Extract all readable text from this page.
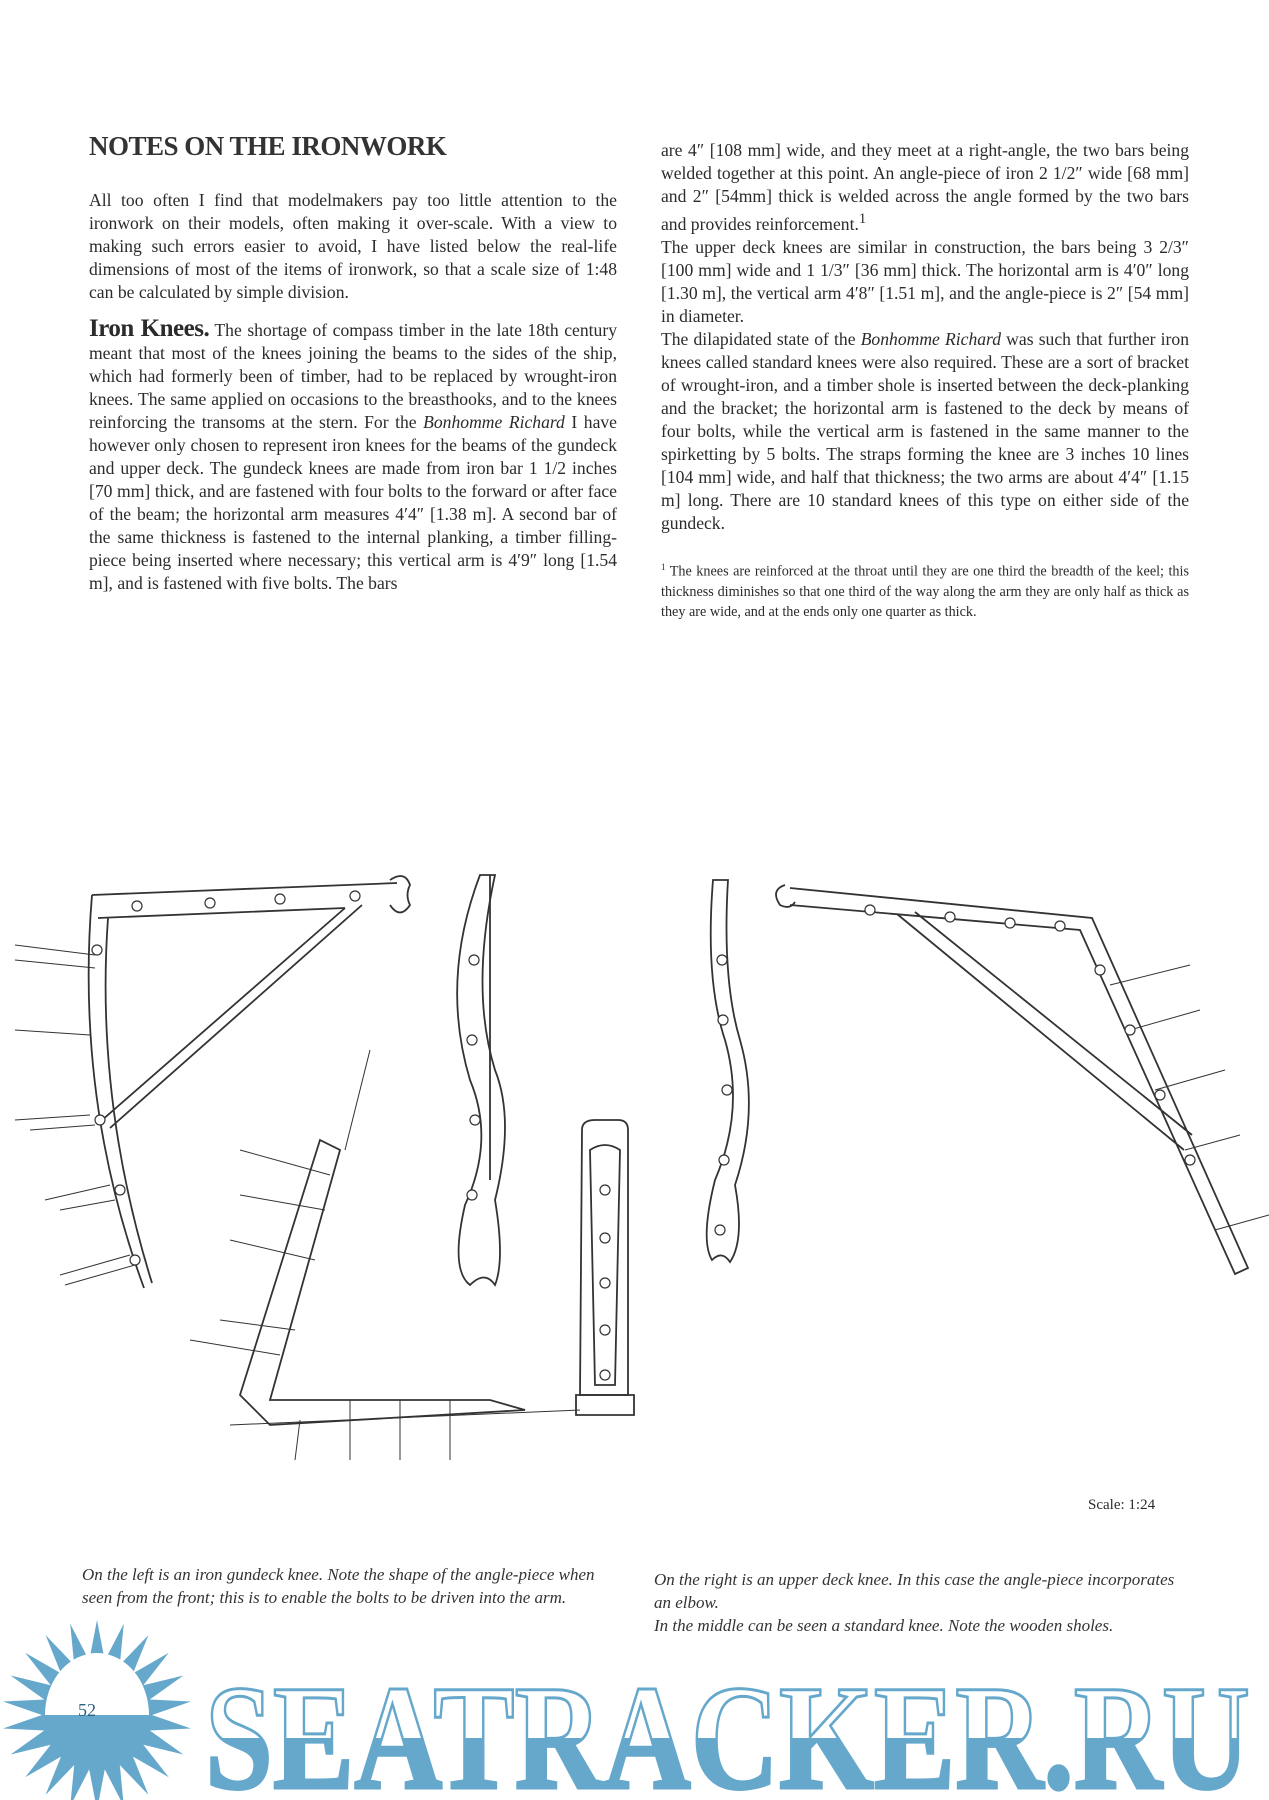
NOTES ON THE IRONWORK

All too often I find that modelmakers pay too little attention to the ironwork on their models, often making it over-scale. With a view to making such errors easier to avoid, I have listed below the real-life dimensions of most of the items of ironwork, so that a scale size of 1:48 can be calculated by simple division.

Iron Knees. The shortage of compass timber in the late 18th century meant that most of the knees joining the beams to the sides of the ship, which had formerly been of timber, had to be replaced by wrought-iron knees. The same applied on occasions to the breasthooks, and to the knees reinforcing the transoms at the stern. For the Bonhomme Richard I have however only chosen to represent iron knees for the beams of the gundeck and upper deck. The gundeck knees are made from iron bar 1 1/2 inches [70 mm] thick, and are fastened with four bolts to the forward or after face of the beam; the horizontal arm measures 4′4″ [1.38 m]. A second bar of the same thickness is fastened to the internal planking, a timber filling-piece being inserted where necessary; this vertical arm is 4′9″ long [1.54 m], and is fastened with five bolts. The bars

are 4″ [108 mm] wide, and they meet at a right-angle, the two bars being welded together at this point. An angle-piece of iron 2 1/2″ wide [68 mm] and 2″ [54mm] thick is welded across the angle formed by the two bars and provides reinforcement.$^1$

The upper deck knees are similar in construction, the bars being 3 2/3″ [100 mm] wide and 1 1/3″ [36 mm] thick. The horizontal arm is 4′0″ long [1.30 m], the vertical arm 4′8″ [1.51 m], and the angle-piece is 2″ [54 mm] in diameter.

The dilapidated state of the Bonhomme Richard was such that further iron knees called standard knees were also required. These are a sort of bracket of wrought-iron, and a timber shole is inserted between the deck-planking and the bracket; the horizontal arm is fastened to the deck by means of four bolts, while the vertical arm is fastened in the same manner to the spirketting by 5 bolts. The straps forming the knee are 3 inches 10 lines [104 mm] wide, and half that thickness; the two arms are about 4′4″ [1.15 m] long. There are 10 standard knees of this type on either side of the gundeck.

$^1$ The knees are reinforced at the throat until they are one third the breadth of the keel; this thickness diminishes so that one third of the way along the arm they are only half as thick as they are wide, and at the ends only one quarter as thick.

Scale: 1:24
On the left is an iron gundeck knee. Note the shape of the angle-piece when seen from the front; this is to enable the bolts to be driven into the arm.
On the right is an upper deck knee. In this case the angle-piece incorporates an elbow.
In the middle can be seen a standard knee. Note the wooden sholes.
SEATRACKER.RU
52
